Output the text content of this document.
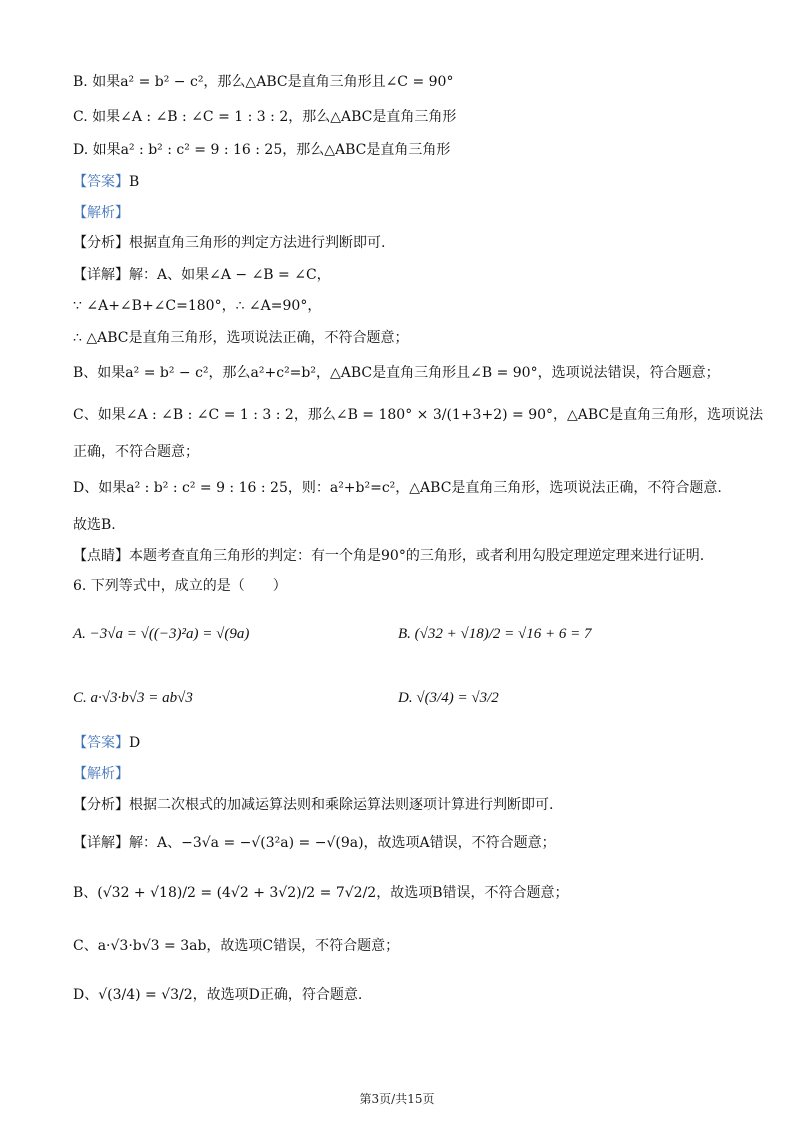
B. 如果a² = b² − c²，那么△ABC是直角三角形且∠C = 90°
C. 如果∠A : ∠B : ∠C = 1 : 3 : 2，那么△ABC是直角三角形
D. 如果a² : b² : c² = 9 : 16 : 25，那么△ABC是直角三角形
【答案】B
【解析】
【分析】根据直角三角形的判定方法进行判断即可.
【详解】解：A、如果∠A − ∠B = ∠C，
∵ ∠A+∠B+∠C=180°，∴ ∠A=90°，
∴ △ABC是直角三角形，选项说法正确，不符合题意；
B、如果a² = b² − c²，那么a²+c²=b²，△ABC是直角三角形且∠B = 90°，选项说法错误，符合题意；
C、如果∠A : ∠B : ∠C = 1 : 3 : 2，那么∠B = 180° × 3/(1+3+2) = 90°，△ABC是直角三角形，选项说法
正确，不符合题意；
D、如果a² : b² : c² = 9 : 16 : 25，则：a²+b²=c²，△ABC是直角三角形，选项说法正确，不符合题意.
故选B.
【点睛】本题考查直角三角形的判定：有一个角是90°的三角形，或者利用勾股定理逆定理来进行证明.
6. 下列等式中，成立的是（　　）
A. −3√a = √((−3)²a) = √(9a)	B. (√32 + √18)/2 = √16 + 6 = 7
C. a·√3·b√3 = ab√3	D. √(3/4) = √3/2
【答案】D
【解析】
【分析】根据二次根式的加减运算法则和乘除运算法则逐项计算进行判断即可.
【详解】解：A、−3√a = −√(3²a) = −√(9a)，故选项A错误，不符合题意；
B、(√32 + √18)/2 = (4√2 + 3√2)/2 = 7√2/2，故选项B错误，不符合题意；
C、a·√3·b√3 = 3ab，故选项C错误，不符合题意；
D、√(3/4) = √3/2，故选项D正确，符合题意.
第3页/共15页
